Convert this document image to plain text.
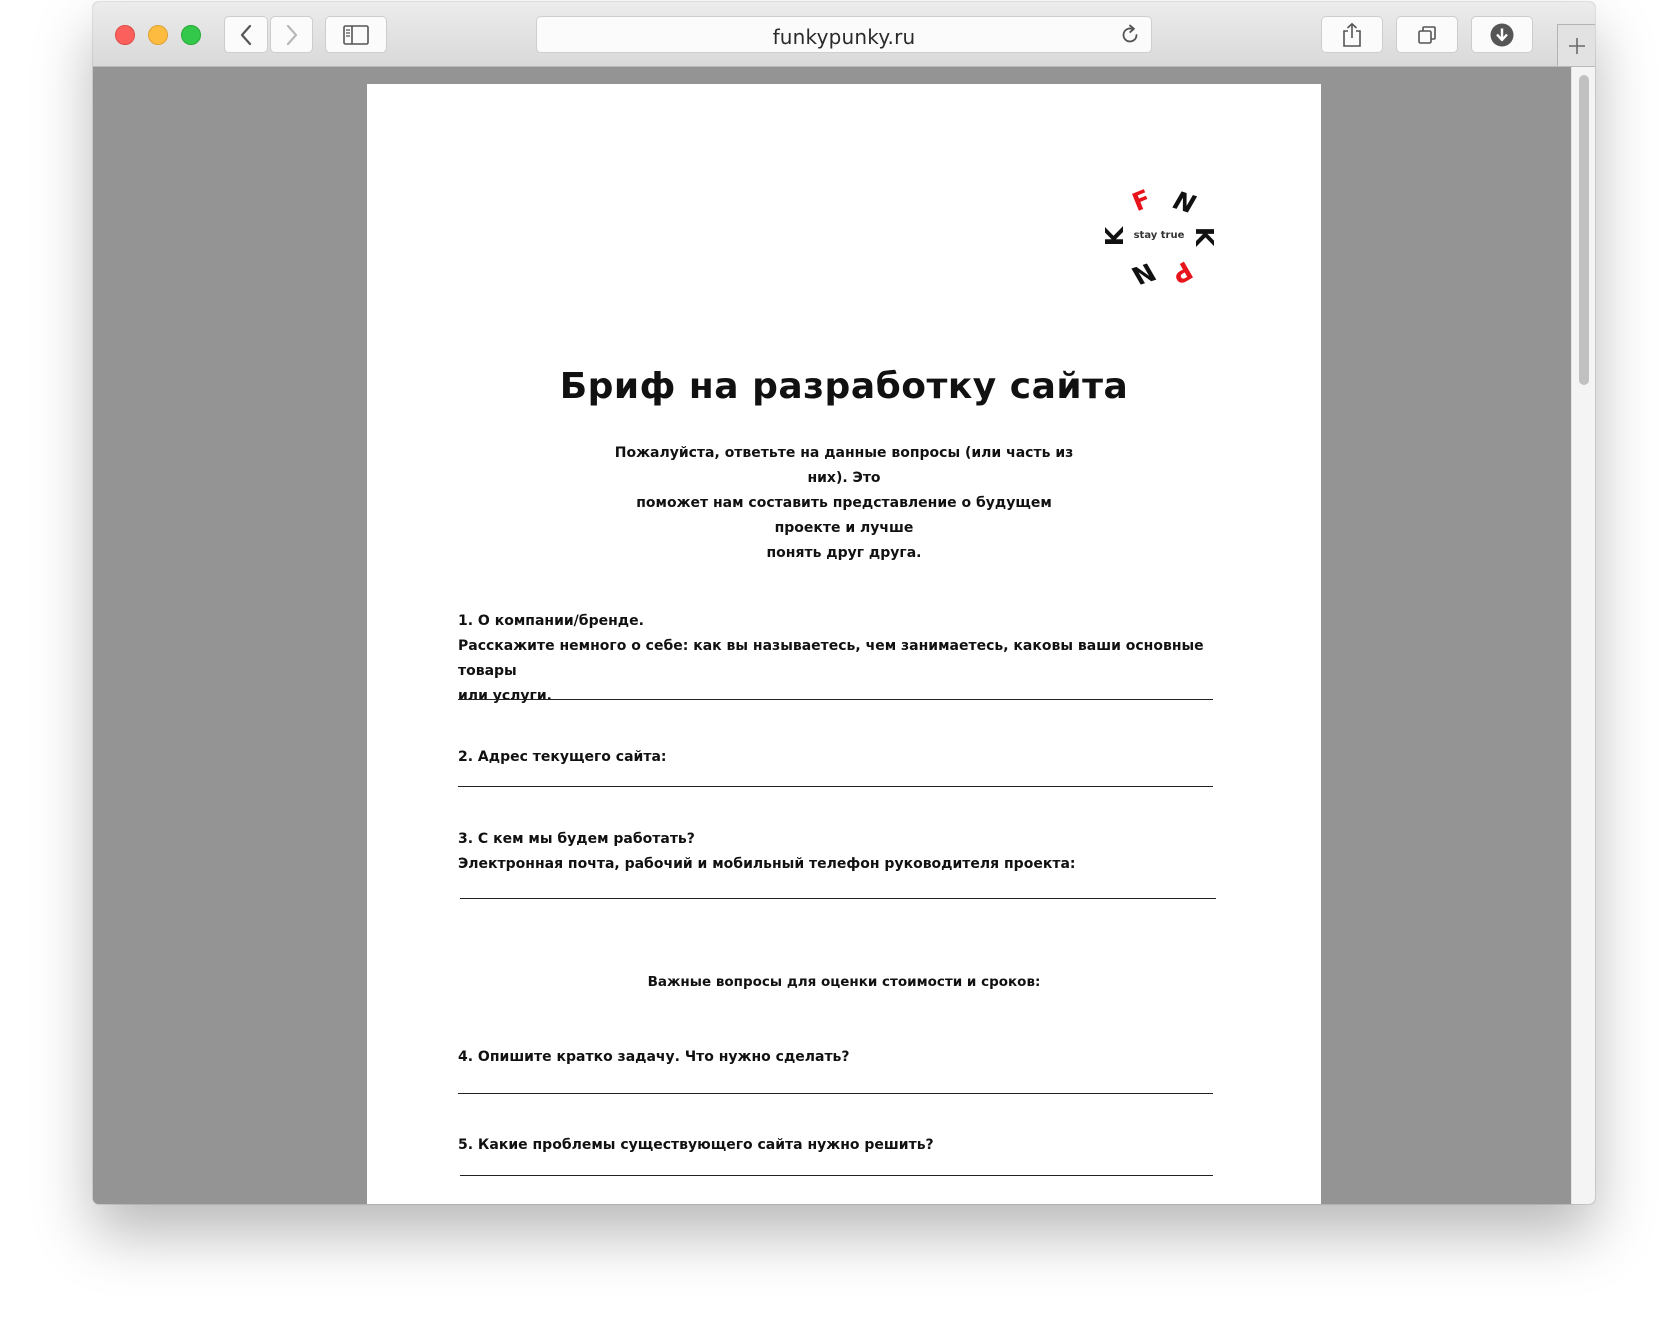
funkypunky.ru
F N
K K
N P
stay true
Бриф на разработку сайта
Пожалуйста, ответьте на данные вопросы (или часть из них). Это
поможет нам составить представление о будущем проекте и лучше
понять друг друга.
1. О компании/бренде.
Расскажите немного о себе: как вы называетесь, чем занимаетесь, каковы ваши основные товары
или услуги.
2. Адрес текущего сайта:
3. С кем мы будем работать?
Электронная почта, рабочий и мобильный телефон руководителя проекта:
Важные вопросы для оценки стоимости и сроков:
4. Опишите кратко задачу. Что нужно сделать?
5. Какие проблемы существующего сайта нужно решить?
